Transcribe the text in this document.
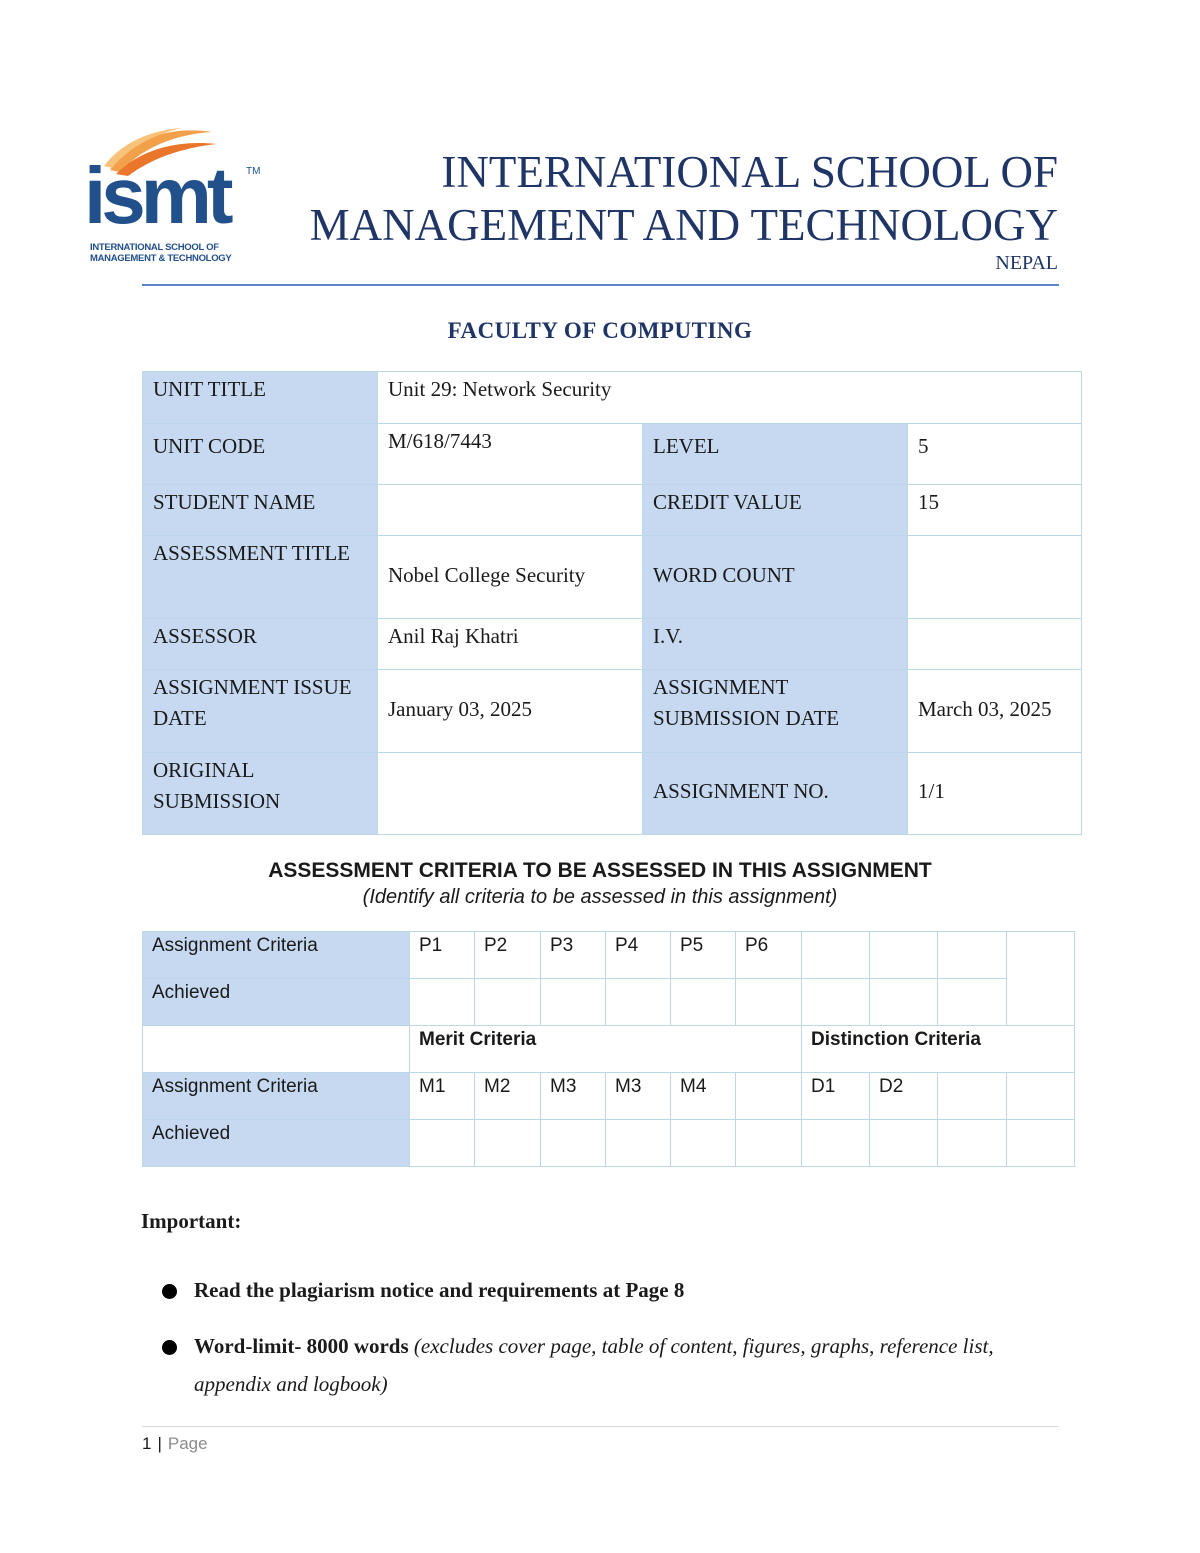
ismt TM
INTERNATIONAL SCHOOL OF
MANAGEMENT & TECHNOLOGY
INTERNATIONAL SCHOOL OF
MANAGEMENT AND TECHNOLOGY
NEPAL
FACULTY OF COMPUTING
UNIT TITLE	Unit 29: Network Security		
UNIT CODE	M/618/7443	LEVEL	5
STUDENT NAME		CREDIT VALUE	15
ASSESSMENT TITLE	Nobel College Security	WORD COUNT	
ASSESSOR	Anil Raj Khatri	I.V.	
ASSIGNMENT ISSUE DATE	January 03, 2025	ASSIGNMENT SUBMISSION DATE	March 03, 2025
ORIGINAL SUBMISSION		ASSIGNMENT NO.	1/1
ASSESSMENT CRITERIA TO BE ASSESSED IN THIS ASSIGNMENT
(Identify all criteria to be assessed in this assignment)
Assignment Criteria	P1	P2	P3	P4	P5	P6				
Achieved										
	Merit Criteria						Distinction Criteria			
Assignment Criteria	M1	M2	M3	M3	M4		D1	D2		
Achieved										
Important:
Read the plagiarism notice and requirements at Page 8
Word-limit- 8000 words (excludes cover page, table of content, figures, graphs, reference list, appendix and logbook)
1 | Page
